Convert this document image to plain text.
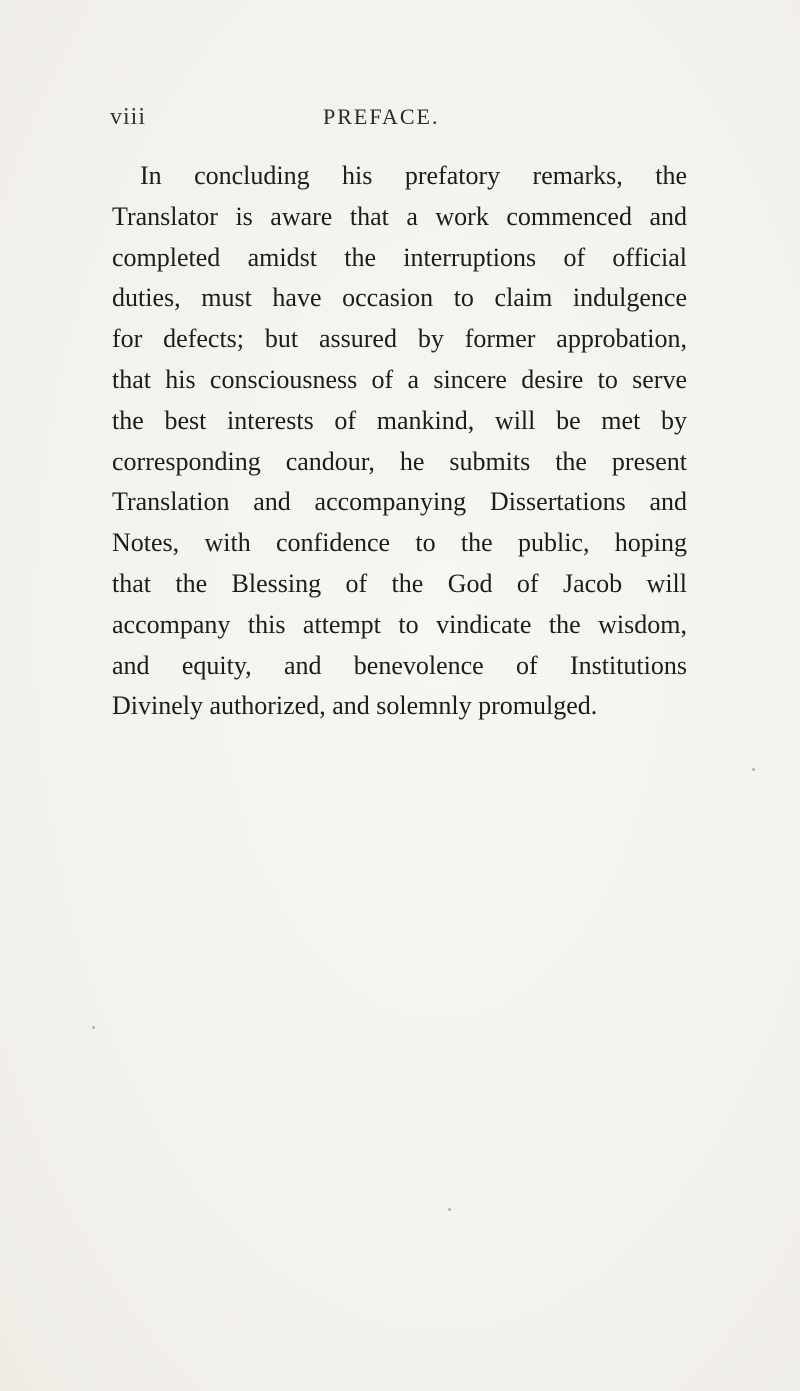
viii	PREFACE.
In concluding his prefatory remarks, the
Translator is aware that a work commenced and
completed amidst the interruptions of official
duties, must have occasion to claim indulgence
for defects; but assured by former approbation,
that his consciousness of a sincere desire to serve
the best interests of mankind, will be met by
corresponding candour, he submits the present
Translation and accompanying Dissertations and
Notes, with confidence to the public, hoping
that the Blessing of the God of Jacob will
accompany this attempt to vindicate the wisdom,
and equity, and benevolence of Institutions
Divinely authorized, and solemnly promulged.
